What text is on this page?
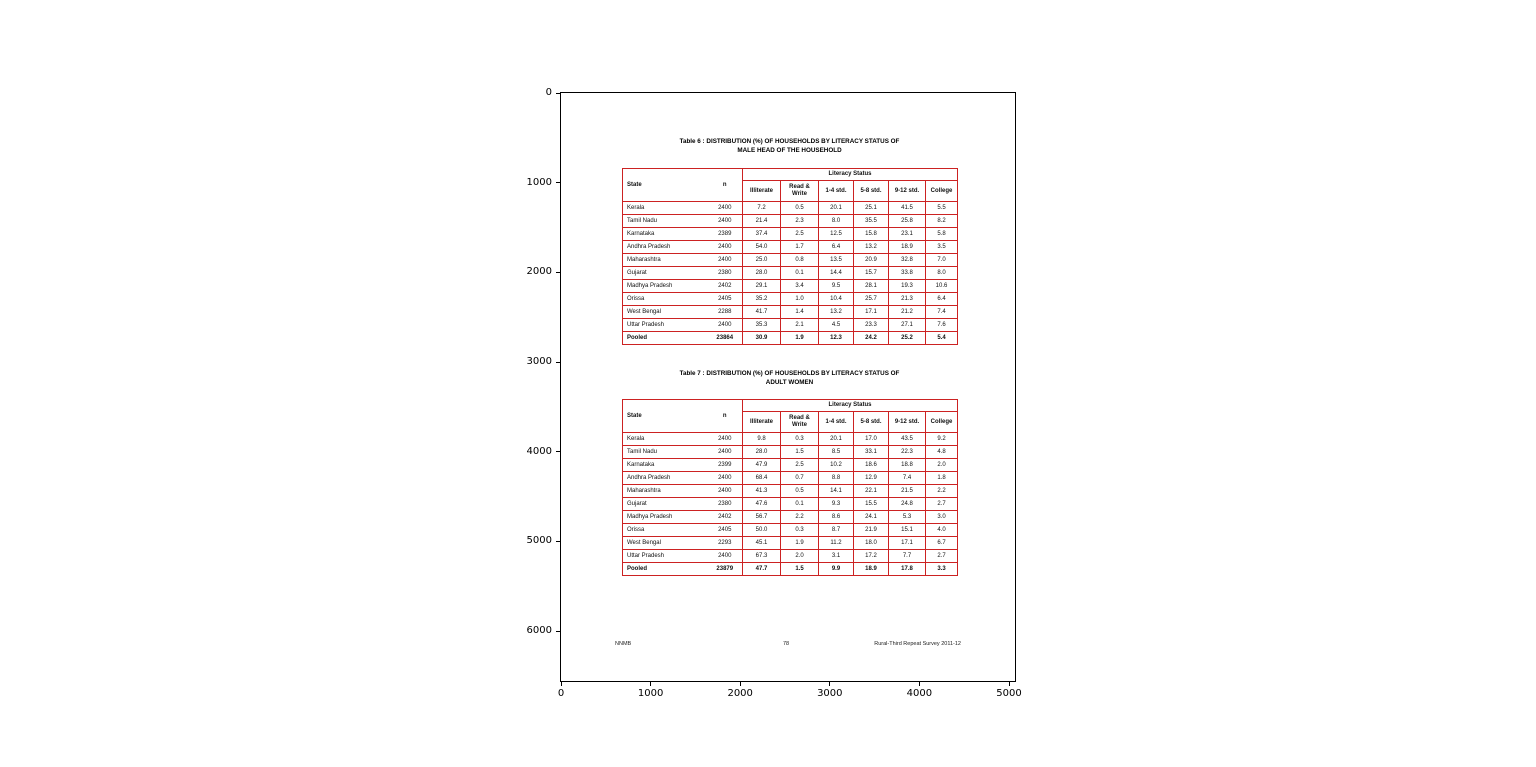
Table 6 : DISTRIBUTION (%) OF HOUSEHOLDS BY LITERACY STATUS OF
MALE HEAD OF THE HOUSEHOLD
State	n	Literacy Status					
		Illiterate	Read & Write	1-4 std.	5-8 std.	9-12 std.	College
Kerala	2400	7.2	0.5	20.1	25.1	41.5	5.5
Tamil Nadu	2400	21.4	2.3	8.0	35.5	25.8	8.2
Karnataka	2389	37.4	2.5	12.5	15.8	23.1	5.8
Andhra Pradesh	2400	54.0	1.7	6.4	13.2	18.9	3.5
Maharashtra	2400	25.0	0.8	13.5	20.9	32.8	7.0
Gujarat	2380	28.0	0.1	14.4	15.7	33.8	8.0
Madhya Pradesh	2402	29.1	3.4	9.5	28.1	19.3	10.6
Orissa	2405	35.2	1.0	10.4	25.7	21.3	6.4
West Bengal	2288	41.7	1.4	13.2	17.1	21.2	7.4
Uttar Pradesh	2400	35.3	2.1	4.5	23.3	27.1	7.6
Pooled	23864	30.9	1.9	12.3	24.2	25.2	5.4
Table 7 : DISTRIBUTION (%) OF HOUSEHOLDS BY LITERACY STATUS OF
ADULT WOMEN
State	n	Literacy Status					
		Illiterate	Read & Write	1-4 std.	5-8 std.	9-12 std.	College
Kerala	2400	9.8	0.3	20.1	17.0	43.5	9.2
Tamil Nadu	2400	28.0	1.5	8.5	33.1	22.3	4.8
Karnataka	2399	47.9	2.5	10.2	18.6	18.8	2.0
Andhra Pradesh	2400	68.4	0.7	8.8	12.9	7.4	1.8
Maharashtra	2400	41.3	0.5	14.1	22.1	21.5	2.2
Gujarat	2380	47.6	0.1	9.3	15.5	24.8	2.7
Madhya Pradesh	2402	56.7	2.2	8.6	24.1	5.3	3.0
Orissa	2405	50.0	0.3	8.7	21.9	15.1	4.0
West Bengal	2293	45.1	1.9	11.2	18.0	17.1	6.7
Uttar Pradesh	2400	67.3	2.0	3.1	17.2	7.7	2.7
Pooled	23879	47.7	1.5	9.9	18.9	17.8	3.3
NNMB	78	Rural-Third Repeat Survey 2011-12
0
1000
2000
3000
4000
5000
6000
0	1000	2000	3000	4000	5000
